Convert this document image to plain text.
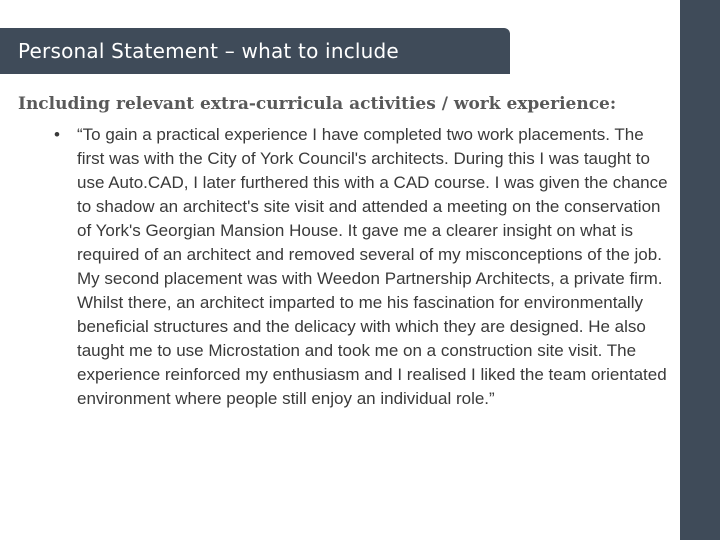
Personal Statement – what to include
Including relevant extra-curricula activities / work experience:
• “To gain a practical experience I have completed two work placements. The first was with the City of York Council's architects. During this I was taught to use Auto.CAD, I later furthered this with a CAD course. I was given the chance to shadow an architect's site visit and attended a meeting on the conservation of York's Georgian Mansion House. It gave me a clearer insight on what is required of an architect and removed several of my misconceptions of the job. My second placement was with Weedon Partnership Architects, a private firm. Whilst there, an architect imparted to me his fascination for environmentally beneficial structures and the delicacy with which they are designed. He also taught me to use Microstation and took me on a construction site visit. The experience reinforced my enthusiasm and I realised I liked the team orientated environment where people still enjoy an individual role.”
